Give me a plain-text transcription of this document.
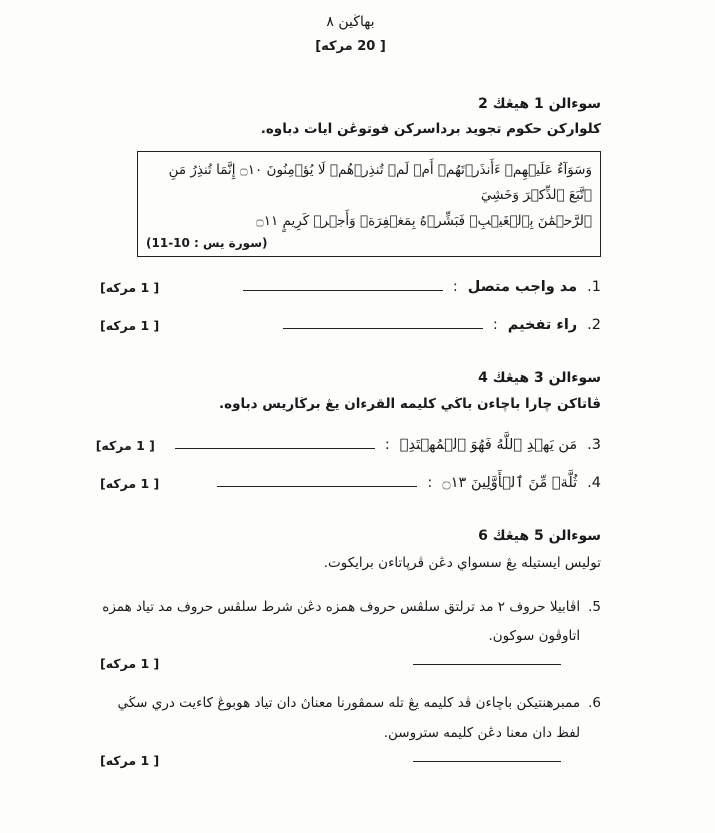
بهاڬين ٨
[ 20 مركه]
سوءالن 1 هيڠڬ 2
كلواركن حكوم تجويد برداسركن فوتوڠن ايات دباوه.
وَسَوَآءٌ عَلَيۡهِمۡ ءَأَنذَرۡتَهُمۡ أَمۡ لَمۡ تُنذِرۡهُمۡ لَا يُؤۡمِنُونَ ۝١٠ إِنَّمَا تُنذِرُ مَنِ ٱتَّبَعَ ٱلذِّكۡرَ وَخَشِيَ
ٱلرَّحۡمَٰنَ بِٱلۡغَيۡبِۖ فَبَشِّرۡهُ بِمَغۡفِرَةٖ وَأَجۡرٖ كَرِيمٍ ۝١١
(سورة يس : 10-11)
1.
مد واجب متصل
:
[ 1 مركه]
2.
راء تفخيم
:
[ 1 مركه]
سوءالن 3 هيڠڬ 4
ڤاتاكن چارا باچاءن باڬي كليمه القرءان يڠ برڬاريس دباوه.
3.
مَن يَهۡدِ ٱللَّهُ فَهُوَ ٱلۡمُهۡتَدِۖ
:
[ 1 مركه]
4.
ثُلَّةٞ مِّنَ ٱلۡأَوَّلِينَ ۝١٣
:
[ 1 مركه]
سوءالن 5 هيڠڬ 6
توليس ايستيله يڠ سسواي دڠن ڤرڽاتاءن برايكوت.
5.
اڤابيلا حروف ٢ مد ترلتق سلڤس حروف همزه دڠن شرط سلڤس حروف مد تياد همزه
اتاوڤون سوكون.
[ 1 مركه]
6.
ممبرهنتيكن باچاءن ڤد كليمه يڠ تله سمڤورنا معناڽ دان تياد هوبوڠ كاءيت دري سڬي
لفظ دان معنا دڠن كليمه ستروسن.
[ 1 مركه]
